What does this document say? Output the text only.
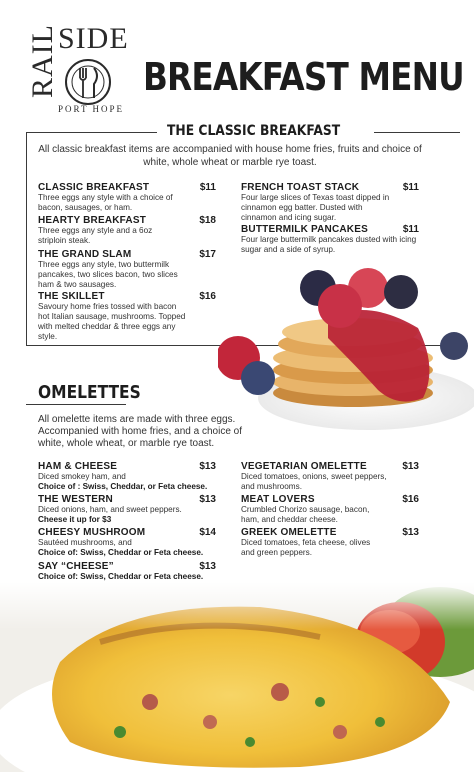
RAIL SIDE
PORT HOPE
BREAKFAST MENU
THE CLASSIC BREAKFAST
All classic breakfast items are accompanied with house home fries, fruits and choice of white, whole wheat or marble rye toast.
CLASSIC BREAKFAST	$11
Three eggs any style with a choice of bacon, sausages, or ham.
HEARTY BREAKFAST	$18
Three eggs any style and a 6oz striploin steak.
THE GRAND SLAM	$17
Three eggs any style, two buttermilk pancakes, two slices bacon, two slices ham & two sausages.
THE SKILLET	$16
Savoury home fries tossed with bacon hot Italian sausage, mushrooms. Topped with melted cheddar & three eggs any style.
FRENCH TOAST STACK	$11
Four large slices of Texas toast dipped in cinnamon egg batter. Dusted with cinnamon and icing sugar.
BUTTERMILK PANCAKES	$11
Four large buttermilk pancakes dusted with icing sugar and a side of syrup.
OMELETTES
All omelette items are made with three eggs. Accompanied with home fries, and a choice of white, whole wheat, or marble rye toast.
HAM & CHEESE	$13
Diced smokey ham, and
Choice of : Swiss, Cheddar, or Feta cheese.
THE WESTERN	$13
Diced onions, ham, and sweet peppers.
Cheese it up for $3
CHEESY MUSHROOM	$14
Sautéed mushrooms, and
Choice of: Swiss, Cheddar or Feta cheese.
SAY “CHEESE”	$13
Choice of: Swiss, Cheddar or Feta cheese.
VEGETARIAN OMELETTE	$13
Diced tomatoes, onions, sweet peppers, and mushrooms.
MEAT LOVERS	$16
Crumbled Chorizo sausage, bacon, ham, and cheddar cheese.
GREEK OMELETTE	$13
Diced tomatoes, feta cheese, olives and green peppers.
